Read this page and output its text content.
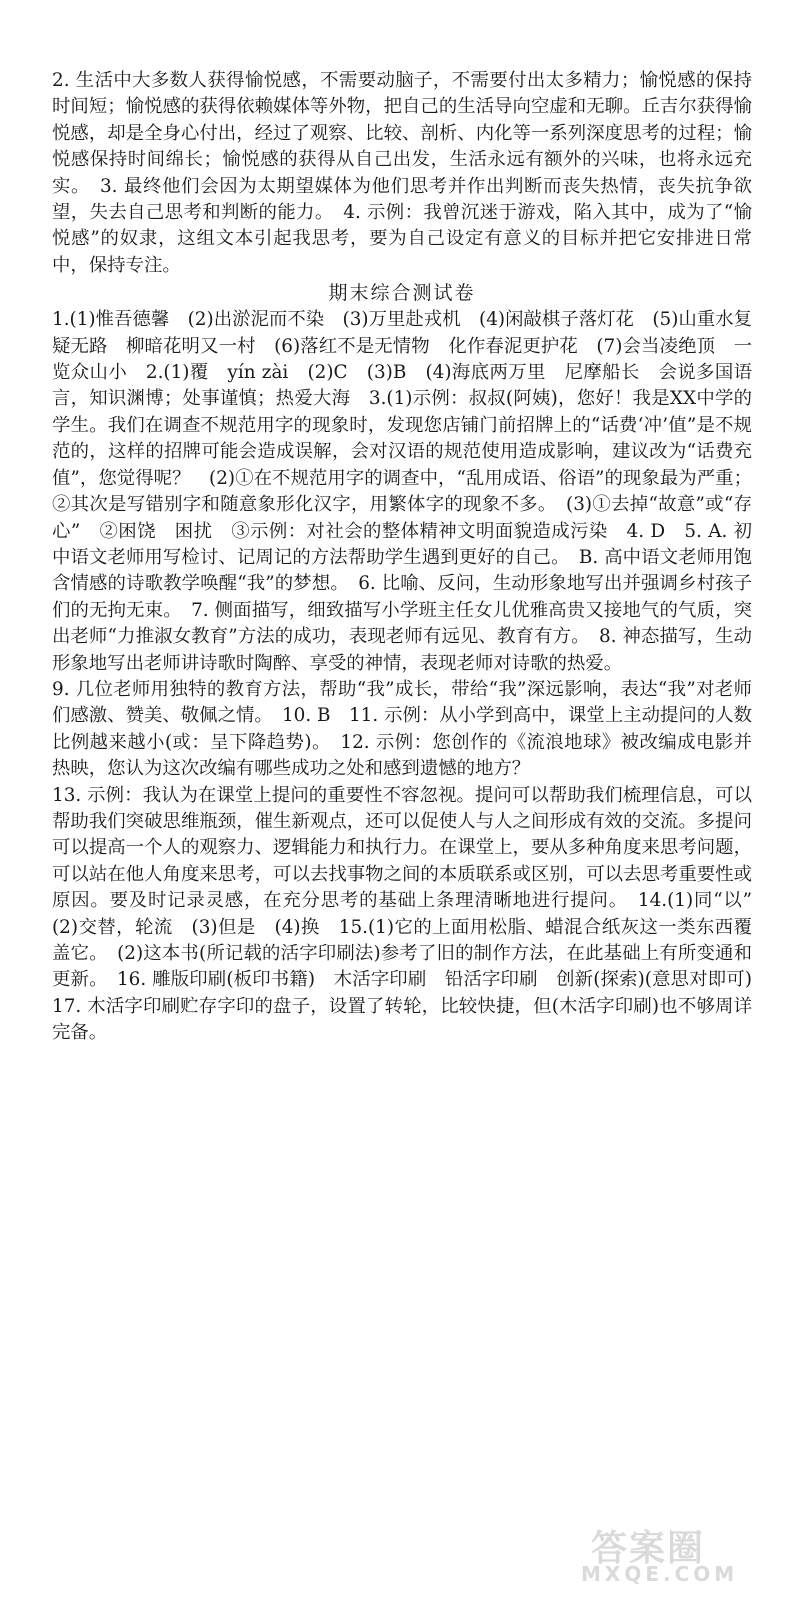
2. 生活中大多数人获得愉悦感，不需要动脑子，不需要付出太多精力；愉悦感的保持时间短；愉悦感的获得依赖媒体等外物，把自己的生活导向空虚和无聊。丘吉尔获得愉悦感，却是全身心付出，经过了观察、比较、剖析、内化等一系列深度思考的过程；愉悦感保持时间绵长；愉悦感的获得从自己出发，生活永远有额外的兴味，也将永远充实。　3. 最终他们会因为太期望媒体为他们思考并作出判断而丧失热情，丧失抗争欲望，失去自己思考和判断的能力。　4. 示例：我曾沉迷于游戏，陷入其中，成为了“愉悦感”的奴隶，这组文本引起我思考，要为自己设定有意义的目标并把它安排进日常中，保持专注。

期末综合测试卷

1.(1)惟吾德馨　(2)出淤泥而不染　(3)万里赴戎机　(4)闲敲棋子落灯花　(5)山重水复疑无路　柳暗花明又一村　(6)落红不是无情物　化作春泥更护花　(7)会当凌绝顶　一览众山小　2.(1)覆　yín zài　(2)C　(3)B　(4)海底两万里　尼摩船长　会说多国语言，知识渊博；处事谨慎；热爱大海　3.(1)示例：叔叔(阿姨)，您好！我是XX中学的学生。我们在调查不规范用字的现象时，发现您店铺门前招牌上的“话费‘冲’值”是不规范的，这样的招牌可能会造成误解，会对汉语的规范使用造成影响，建议改为“话费充值”，您觉得呢？　(2)①在不规范用字的调查中，“乱用成语、俗语”的现象最为严重；②其次是写错别字和随意象形化汉字，用繁体字的现象不多。　(3)①去掉“故意”或“存心”　②困饶　困扰　③示例：对社会的整体精神文明面貌造成污染　4. D　5. A. 初中语文老师用写检讨、记周记的方法帮助学生遇到更好的自己。　B. 高中语文老师用饱含情感的诗歌教学唤醒“我”的梦想。　6. 比喻、反问，生动形象地写出并强调乡村孩子们的无拘无束。　7. 侧面描写，细致描写小学班主任女儿优雅高贵又接地气的气质，突出老师“力推淑女教育”方法的成功，表现老师有远见、教育有方。　8. 神态描写，生动形象地写出老师讲诗歌时陶醉、享受的神情，表现老师对诗歌的热爱。

9. 几位老师用独特的教育方法，帮助“我”成长，带给“我”深远影响，表达“我”对老师们感激、赞美、敬佩之情。　10. B　11. 示例：从小学到高中，课堂上主动提问的人数比例越来越小(或：呈下降趋势)。　12. 示例：您创作的《流浪地球》被改编成电影并热映，您认为这次改编有哪些成功之处和感到遗憾的地方？

13. 示例：我认为在课堂上提问的重要性不容忽视。提问可以帮助我们梳理信息，可以帮助我们突破思维瓶颈，催生新观点，还可以促使人与人之间形成有效的交流。多提问可以提高一个人的观察力、逻辑能力和执行力。在课堂上，要从多种角度来思考问题，可以站在他人角度来思考，可以去找事物之间的本质联系或区别，可以去思考重要性或原因。要及时记录灵感，在充分思考的基础上条理清晰地进行提问。　14.(1)同“以”　(2)交替，轮流　(3)但是　(4)换　15.(1)它的上面用松脂、蜡混合纸灰这一类东西覆盖它。　(2)这本书(所记载的活字印刷法)参考了旧的制作方法，在此基础上有所变通和更新。　16. 雕版印刷(板印书籍)　木活字印刷　铅活字印刷　创新(探索)(意思对即可)　17. 木活字印刷贮存字印的盘子，设置了转轮，比较快捷，但(木活字印刷)也不够周详完备。

答案圈
MXQE.COM
